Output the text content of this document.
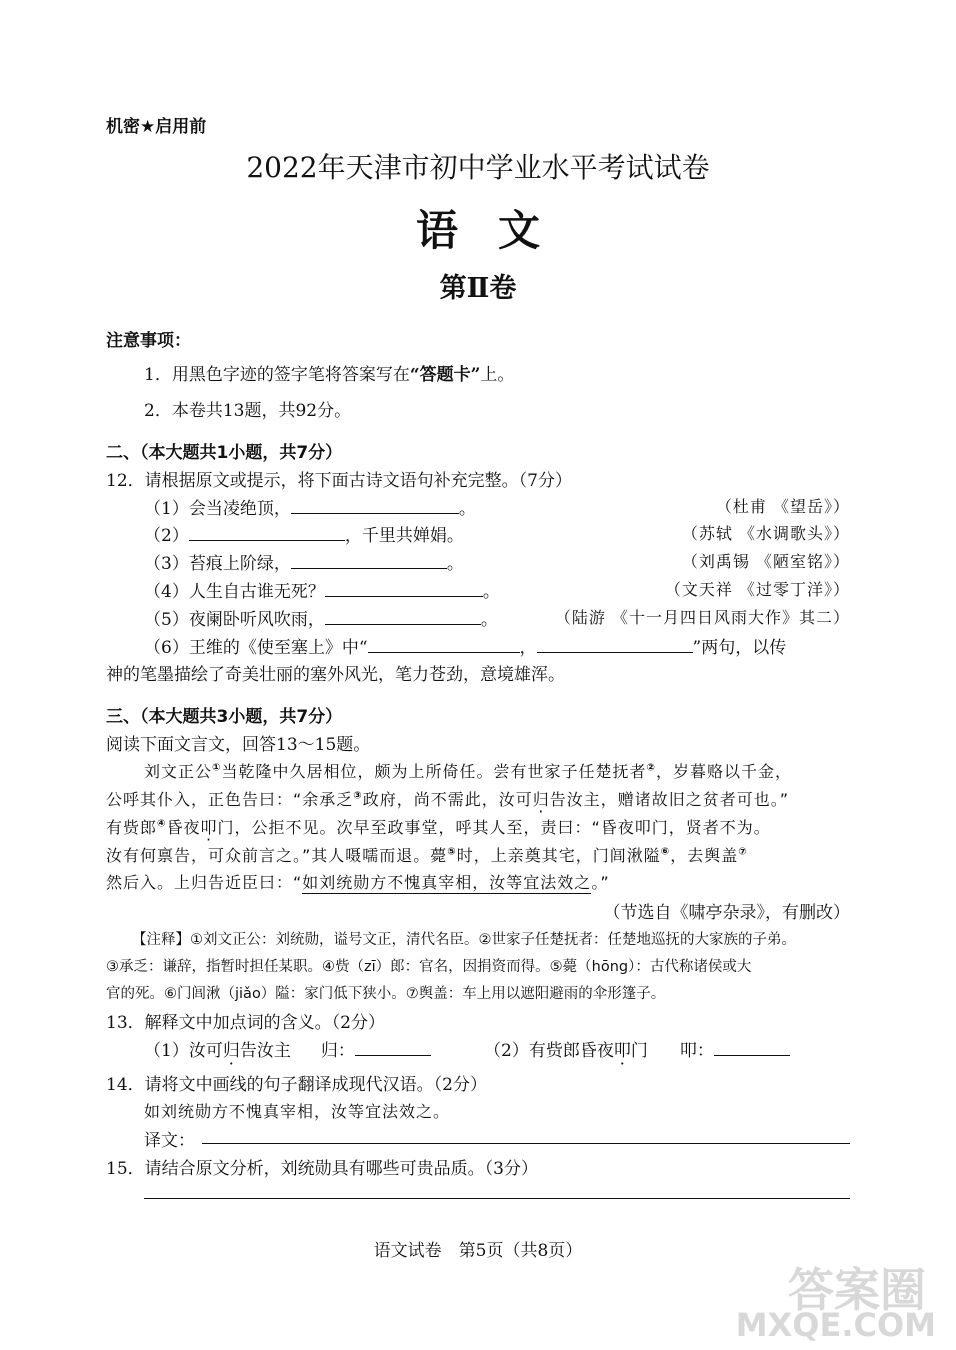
机密★启用前
2022年天津市初中学业水平考试试卷
语文
第Ⅱ卷
注意事项：
1．用黑色字迹的签字笔将答案写在“答题卡”上。
2．本卷共13题，共92分。
二、（本大题共1小题，共7分）
12．请根据原文或提示，将下面古诗文语句补充完整。（7分）
（1）会当凌绝顶，	。	（杜甫 《望岳》）
（2）	，千里共婵娟。	（苏轼 《水调歌头》）
（3）苔痕上阶绿，	。	（刘禹锡 《陋室铭》）
（4）人生自古谁无死？	。	（文天祥 《过零丁洋》）
（5）夜阑卧听风吹雨，	。	（陆游 《十一月四日风雨大作》其二）
（6）王维的《使至塞上》中“	，	”两句，以传
神的笔墨描绘了奇美壮丽的塞外风光，笔力苍劲，意境雄浑。
三、（本大题共3小题，共7分）
阅读下面文言文，回答13～15题。
刘文正公①当乾隆中久居相位，颇为上所倚任。尝有世家子任楚抚者②，岁暮赂以千金，
公呼其仆入，正色告曰：“余承乏③政府，尚不需此，汝可归告汝主，赠诸故旧之贫者可也。”
有赀郎④昏夜叩门，公拒不见。次早至政事堂，呼其人至，责曰：“昏夜叩门，贤者不为。
汝有何禀告，可众前言之。”其人嗫嚅而退。薨⑤时，上亲奠其宅，门闾湫隘⑥，去舆盖⑦
然后入。上归告近臣曰：“如刘统勋方不愧真宰相，汝等宜法效之。”
（节选自《啸亭杂录》，有删改）
【注释】①刘文正公：刘统勋，谥号文正，清代名臣。②世家子任楚抚者：任楚地巡抚的大家族的子弟。
③承乏：谦辞，指暂时担任某职。④赀（zī）郎：官名，因捐资而得。⑤薨（hōng）：古代称诸侯或大
官的死。⑥门闾湫（jiǎo）隘：家门低下狭小。⑦舆盖：车上用以遮阳避雨的伞形篷子。
13．解释文中加点词的含义。（2分）
（1）汝可归告汝主 归：	（2）有赀郎昏夜叩门 叩：
14．请将文中画线的句子翻译成现代汉语。（2分）
如刘统勋方不愧真宰相，汝等宜法效之。
译文：
15．请结合原文分析，刘统勋具有哪些可贵品质。（3分）
语文试卷　第5页（共8页）
答案圈
MXQE.COM
